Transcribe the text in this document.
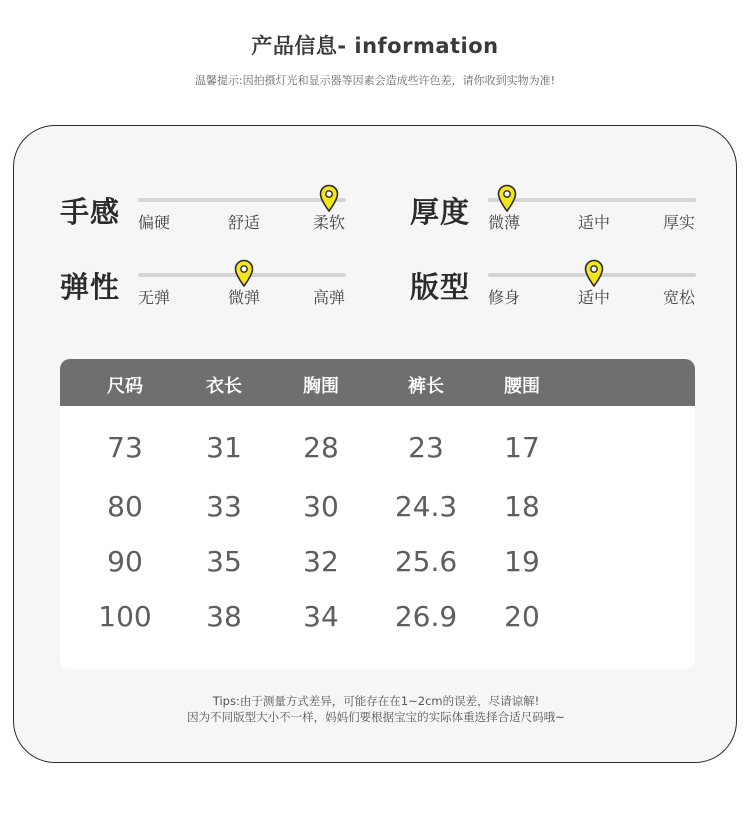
产品信息- information
温馨提示:因拍摄灯光和显示器等因素会造成些许色差，请你收到实物为准!
手感 偏硬	舒适	柔软 厚度 微薄	适中	厚实
弹性 无弹	微弹	高弹 版型 修身	适中	宽松
尺码	衣长	胸围	裤长	腰围
73	31	28	23	17
80	33	30	24.3	18
90	35	32	25.6	19
100	38	34	26.9	20
Tips:由于测量方式差异，可能存在在1~2cm的误差，尽请谅解!
因为不同版型大小不一样，妈妈们要根据宝宝的实际体重选择合适尺码哦~
